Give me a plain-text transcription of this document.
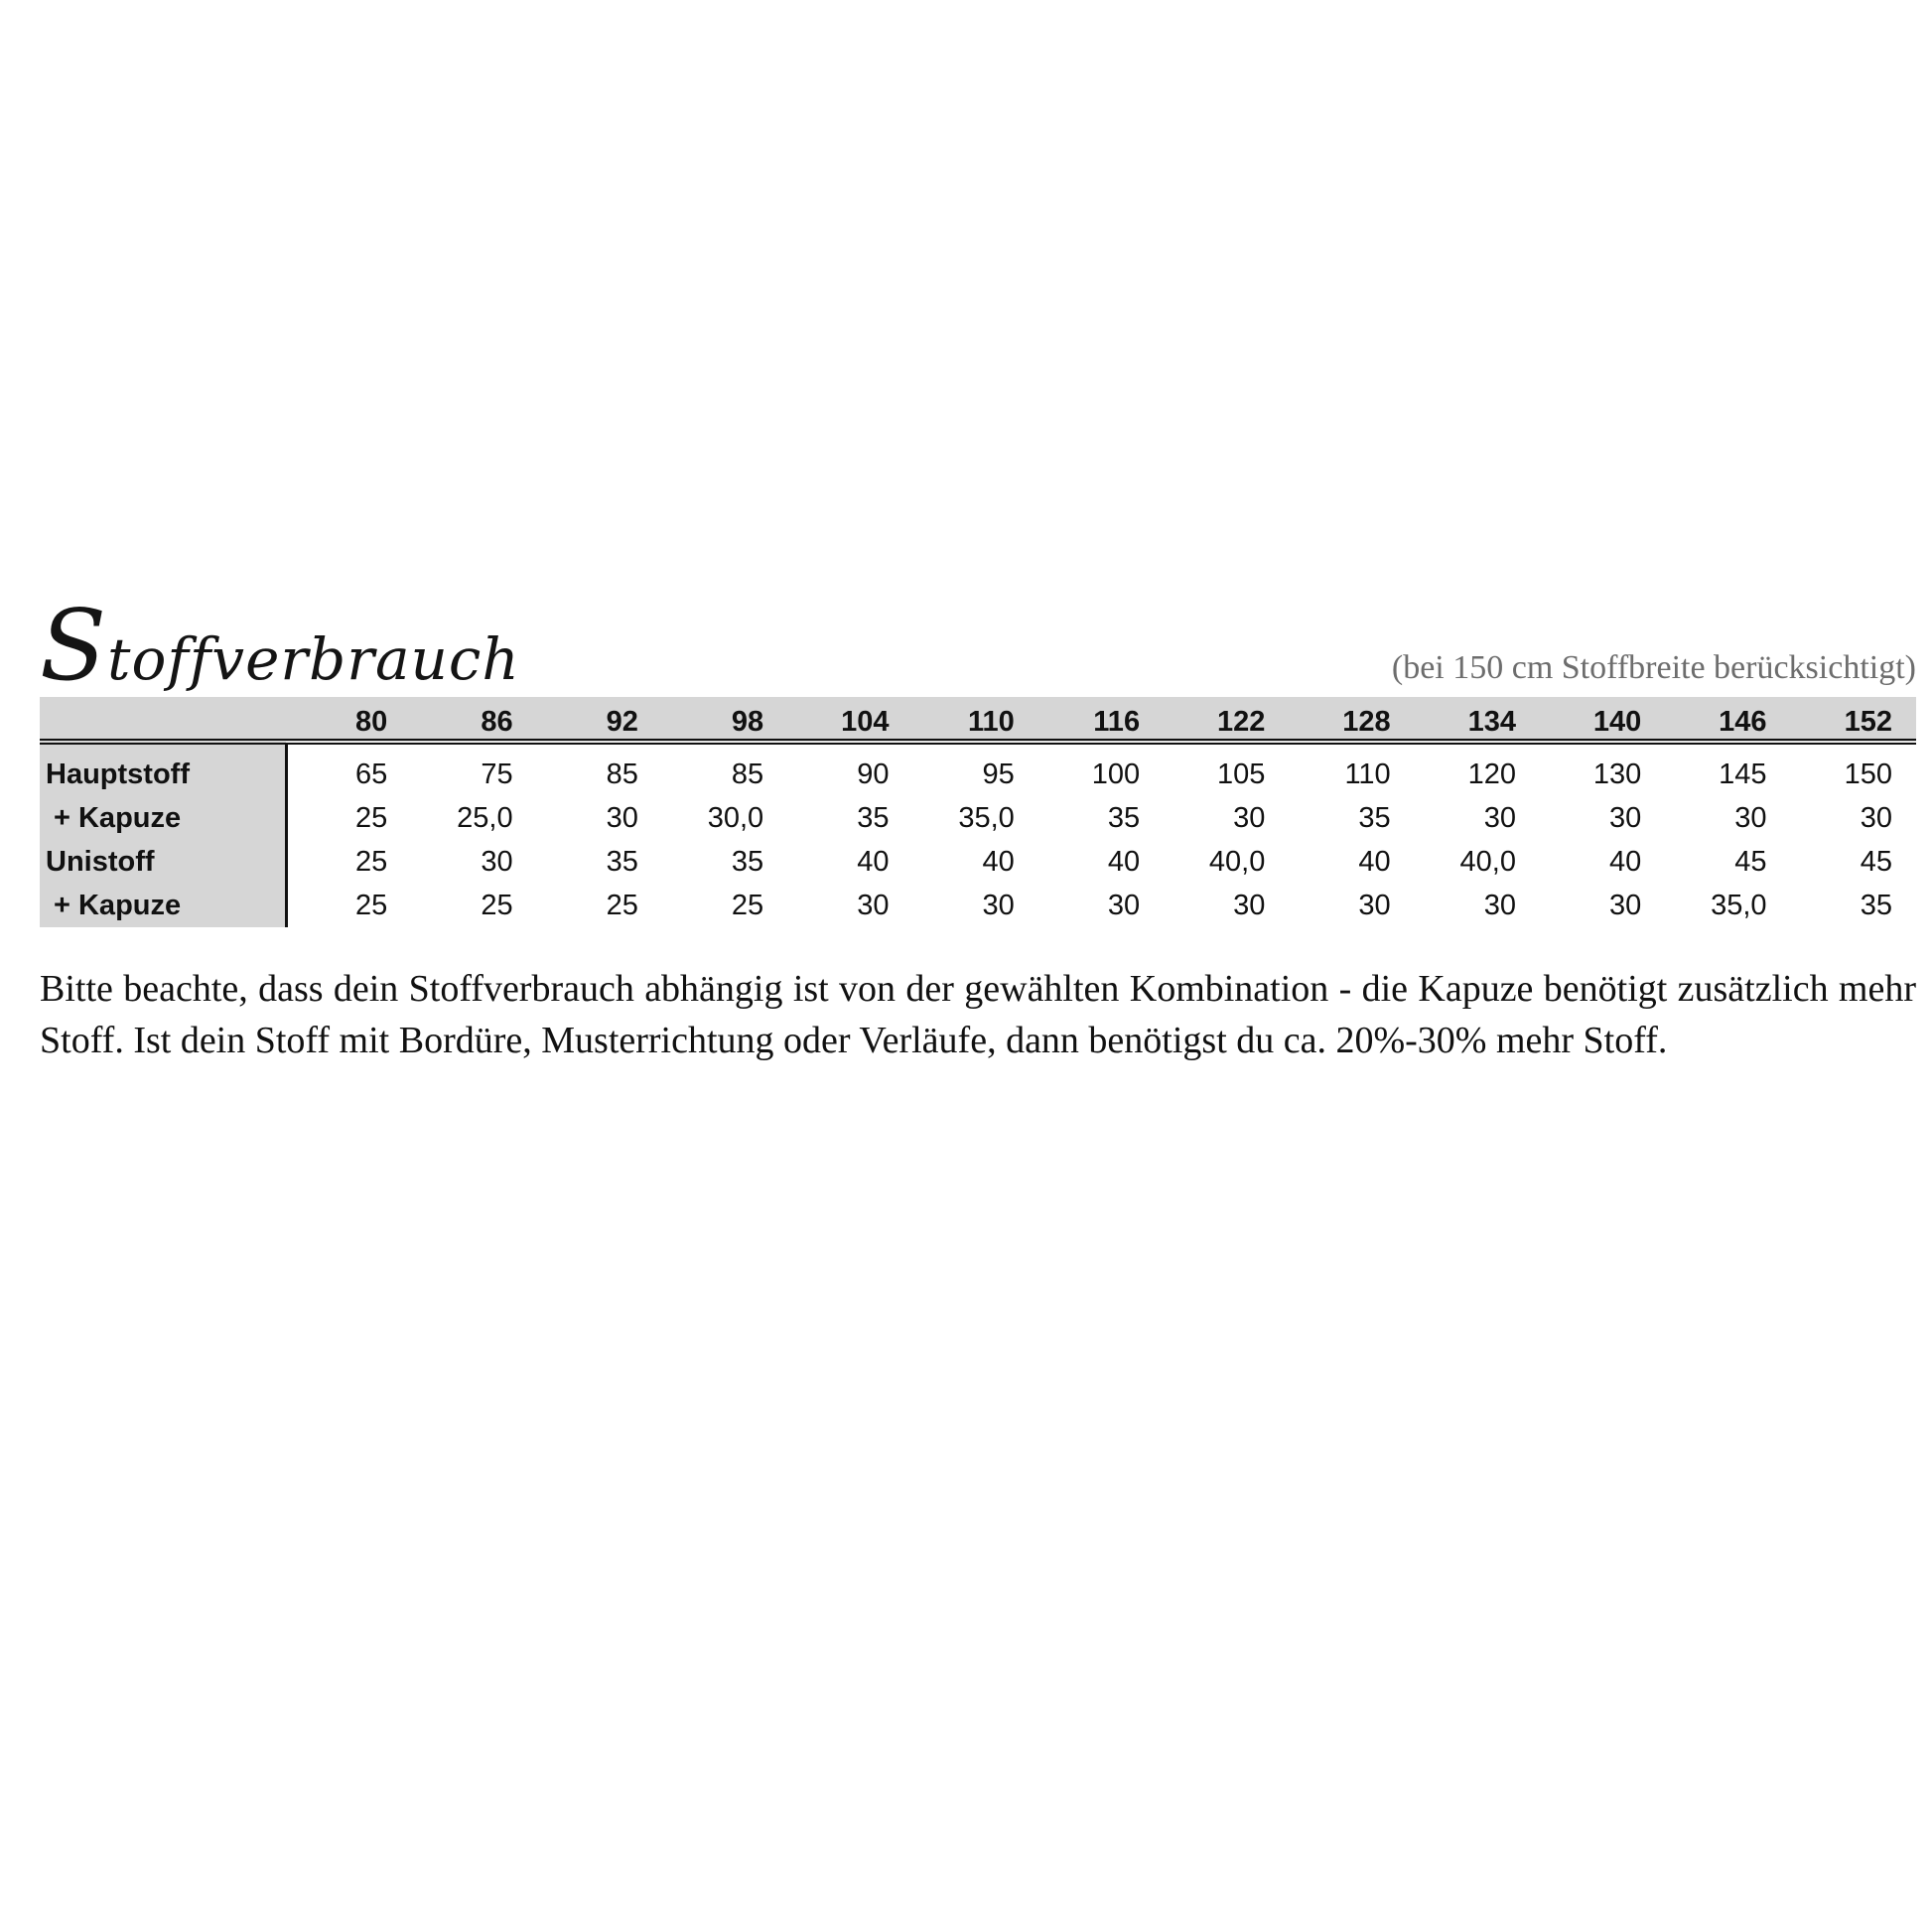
Stoffverbrauch	(bei 150 cm Stoffbreite berücksichtigt)
	80	86	92	98	104	110	116	122	128	134	140	146	152
Hauptstoff	65	75	85	85	90	95	100	105	110	120	130	145	150
+ Kapuze	25	25,0	30	30,0	35	35,0	35	30	35	30	30	30	30
Unistoff	25	30	35	35	40	40	40	40,0	40	40,0	40	45	45
+ Kapuze	25	25	25	25	30	30	30	30	30	30	30	35,0	35

Bitte beachte, dass dein Stoffverbrauch abhängig ist von der gewählten Kombination - die Kapuze benötigt zusätzlich mehr Stoff. Ist dein Stoff mit Bordüre, Musterrichtung oder Verläufe, dann benötigst du ca. 20%-30% mehr Stoff.
